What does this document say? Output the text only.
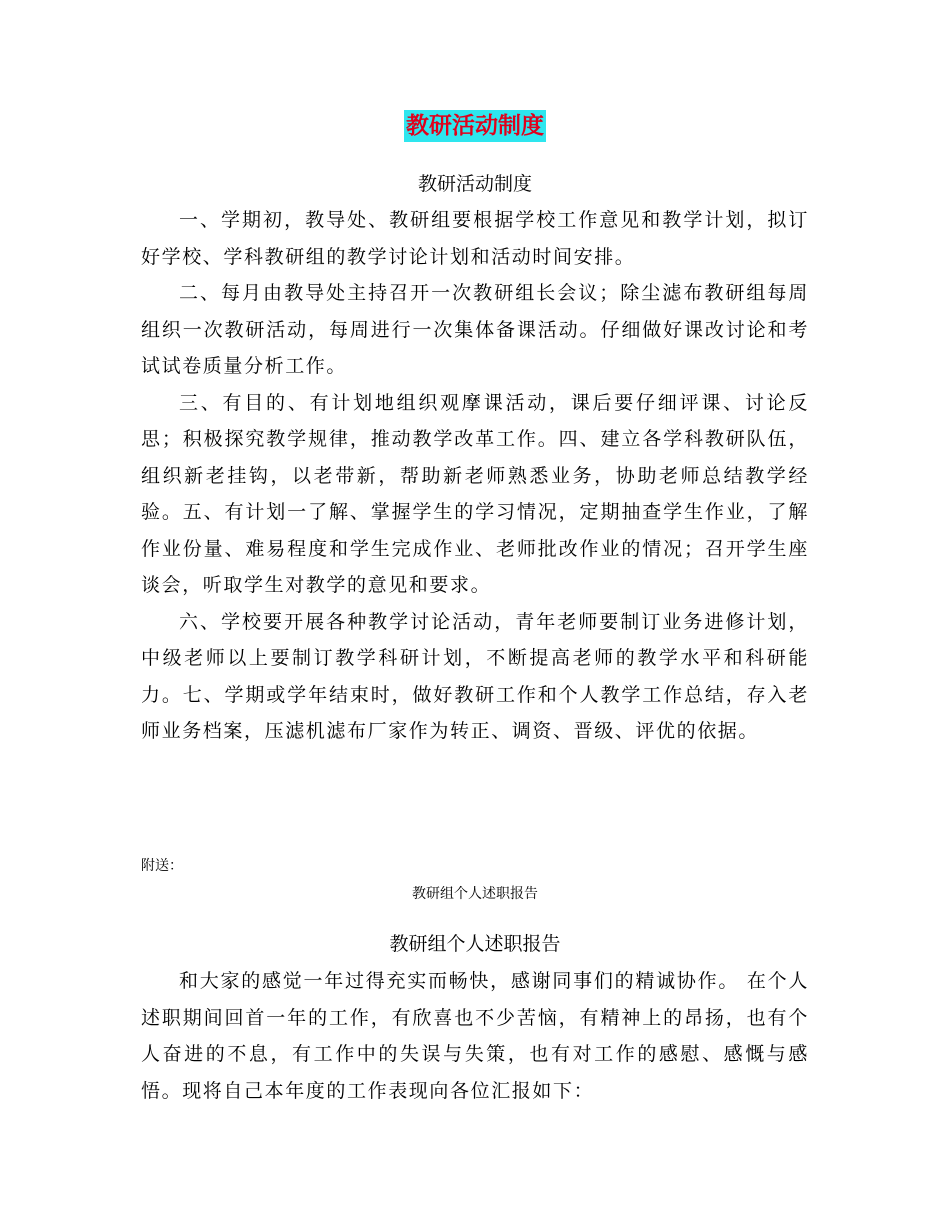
教研活动制度
教研活动制度

一、学期初，教导处、教研组要根据学校工作意见和教学计划，拟订好学校、学科教研组的教学讨论计划和活动时间安排。

二、每月由教导处主持召开一次教研组长会议；除尘滤布教研组每周组织一次教研活动，每周进行一次集体备课活动。仔细做好课改讨论和考试试卷质量分析工作。

三、有目的、有计划地组织观摩课活动，课后要仔细评课、讨论反思；积极探究教学规律，推动教学改革工作。四、建立各学科教研队伍，组织新老挂钩，以老带新，帮助新老师熟悉业务，协助老师总结教学经验。五、有计划一了解、掌握学生的学习情况，定期抽查学生作业，了解作业份量、难易程度和学生完成作业、老师批改作业的情况；召开学生座谈会，听取学生对教学的意见和要求。

六、学校要开展各种教学讨论活动，青年老师要制订业务进修计划，中级老师以上要制订教学科研计划，不断提高老师的教学水平和科研能力。七、学期或学年结束时，做好教研工作和个人教学工作总结，存入老师业务档案，压滤机滤布厂家作为转正、调资、晋级、评优的依据。

附送：
教研组个人述职报告
教研组个人述职报告

和大家的感觉一年过得充实而畅快，感谢同事们的精诚协作。 在个人述职期间回首一年的工作，有欣喜也不少苦恼，有精神上的昂扬，也有个人奋进的不息，有工作中的失误与失策，也有对工作的感慰、感慨与感悟。现将自己本年度的工作表现向各位汇报如下：
